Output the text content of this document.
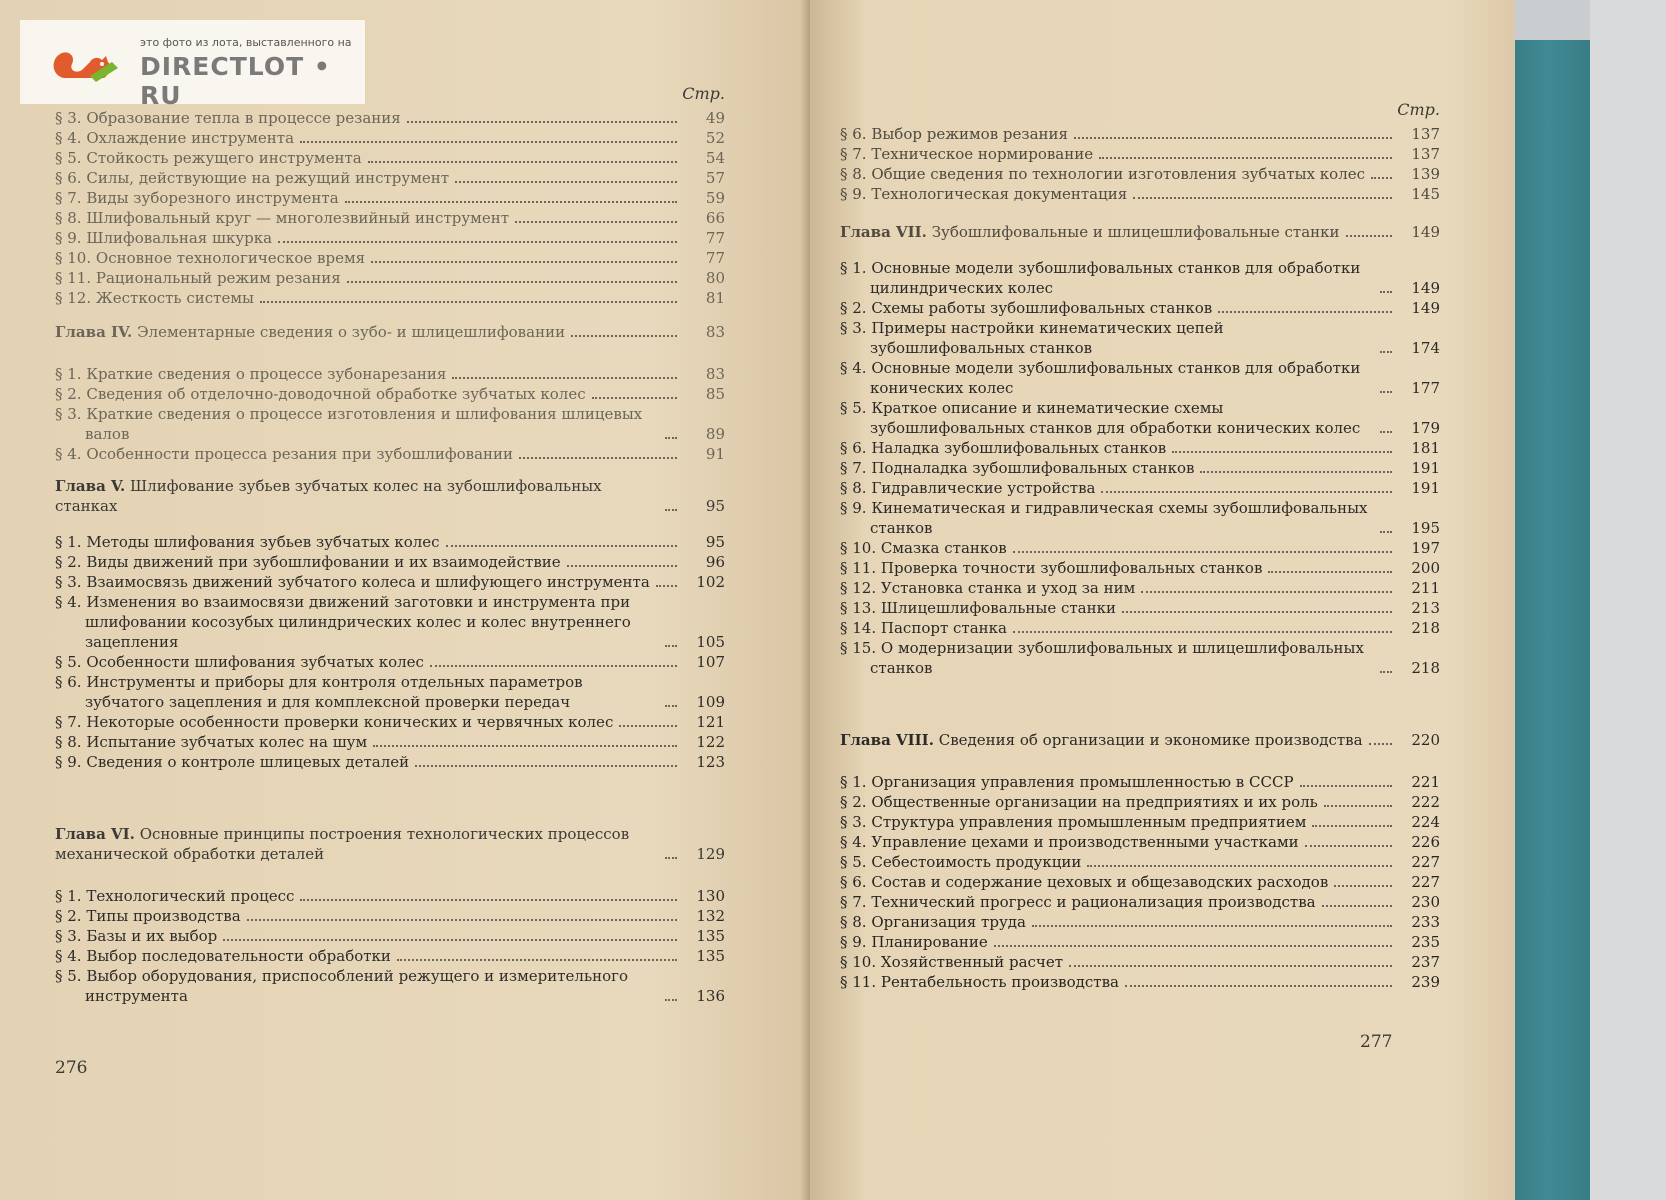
Стр.
§ 3. Образование тепла в процессе резания	49
§ 4. Охлаждение инструмента	52
§ 5. Стойкость режущего инструмента	54
§ 6. Силы, действующие на режущий инструмент	57
§ 7. Виды зуборезного инструмента	59
§ 8. Шлифовальный круг — многолезвийный инструмент	66
§ 9. Шлифовальная шкурка	77
§ 10. Основное технологическое время	77
§ 11. Рациональный режим резания	80
§ 12. Жесткость системы	81
Глава IV. Элементарные сведения о зубо- и шлицешлифовании	83
§ 1. Краткие сведения о процессе зубонарезания	83
§ 2. Сведения об отделочно-доводочной обработке зубчатых колес	85
§ 3. Краткие сведения о процессе изготовления и шлифования шлицевых валов	89
§ 4. Особенности процесса резания при зубошлифовании	91
Глава V. Шлифование зубьев зубчатых колес на зубошлифовальных станках	95
§ 1. Методы шлифования зубьев зубчатых колес	95
§ 2. Виды движений при зубошлифовании и их взаимодействие	96
§ 3. Взаимосвязь движений зубчатого колеса и шлифующего инструмента	102
§ 4. Изменения во взаимосвязи движений заготовки и инструмента при шлифовании косозубых цилиндрических колес и колес внутреннего зацепления	105
§ 5. Особенности шлифования зубчатых колес	107
§ 6. Инструменты и приборы для контроля отдельных параметров зубчатого зацепления и для комплексной проверки передач	109
§ 7. Некоторые особенности проверки конических и червячных колес	121
§ 8. Испытание зубчатых колес на шум	122
§ 9. Сведения о контроле шлицевых деталей	123
Глава VI. Основные принципы построения технологических процессов механической обработки деталей	129
§ 1. Технологический процесс	130
§ 2. Типы производства	132
§ 3. Базы и их выбор	135
§ 4. Выбор последовательности обработки	135
§ 5. Выбор оборудования, приспособлений режущего и измерительного инструмента	136
276
Стр.
§ 6. Выбор режимов резания	137
§ 7. Техническое нормирование	137
§ 8. Общие сведения по технологии изготовления зубчатых колес	139
§ 9. Технологическая документация	145
Глава VII. Зубошлифовальные и шлицешлифовальные станки	149
§ 1. Основные модели зубошлифовальных станков для обработки цилиндрических колес	149
§ 2. Схемы работы зубошлифовальных станков	149
§ 3. Примеры настройки кинематических цепей зубошлифовальных станков	174
§ 4. Основные модели зубошлифовальных станков для обработки конических колес	177
§ 5. Краткое описание и кинематические схемы зубошлифовальных станков для обработки конических колес	179
§ 6. Наладка зубошлифовальных станков	181
§ 7. Подналадка зубошлифовальных станков	191
§ 8. Гидравлические устройства	191
§ 9. Кинематическая и гидравлическая схемы зубошлифовальных станков	195
§ 10. Смазка станков	197
§ 11. Проверка точности зубошлифовальных станков	200
§ 12. Установка станка и уход за ним	211
§ 13. Шлицешлифовальные станки	213
§ 14. Паспорт станка	218
§ 15. О модернизации зубошлифовальных и шлицешлифовальных станков	218
Глава VIII. Сведения об организации и экономике производства	220
§ 1. Организация управления промышленностью в СССР	221
§ 2. Общественные организации на предприятиях и их роль	222
§ 3. Структура управления промышленным предприятием	224
§ 4. Управление цехами и производственными участками	226
§ 5. Себестоимость продукции	227
§ 6. Состав и содержание цеховых и общезаводских расходов	227
§ 7. Технический прогресс и рационализация производства	230
§ 8. Организация труда	233
§ 9. Планирование	235
§ 10. Хозяйственный расчет	237
§ 11. Рентабельность производства	239
277
это фото из лота, выставленного на
DIRECTLOT • RU
